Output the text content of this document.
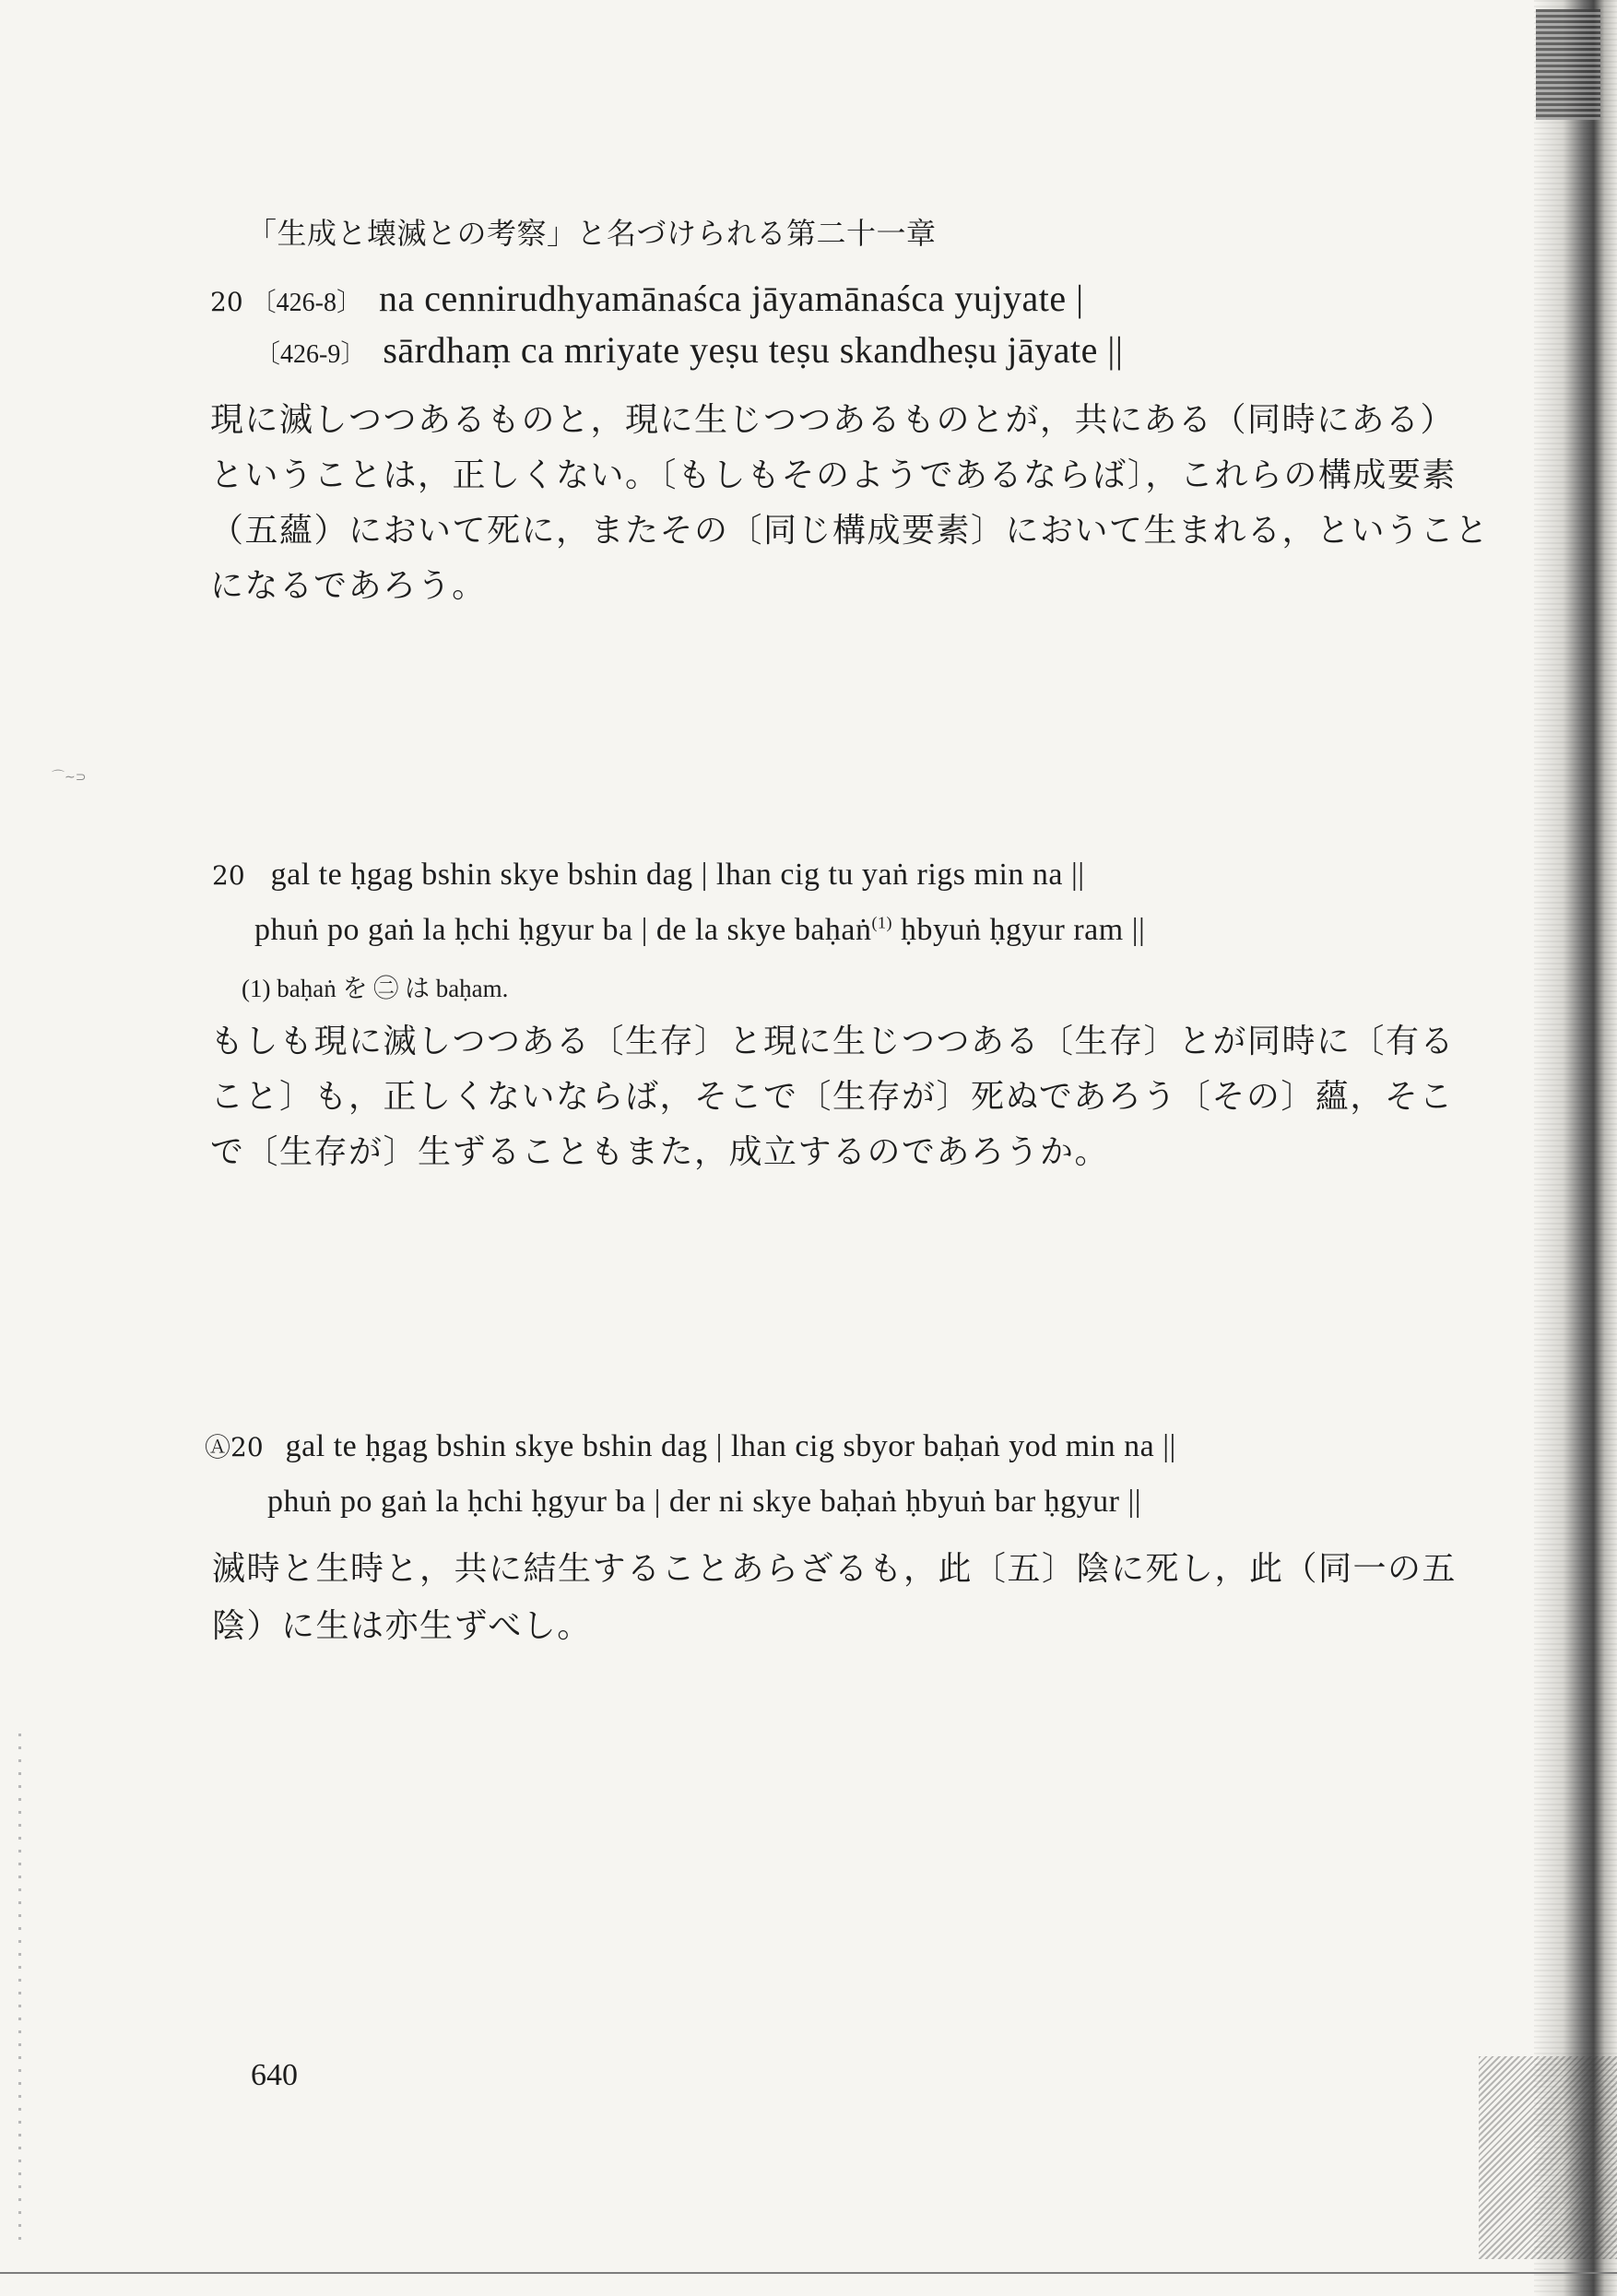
⌒∼⊃
「生成と壊滅との考察」と名づけられる第二十一章
20 〔426-8〕 na cennirudhyamānaśca jāyamānaśca yujyate |
〔426-9〕 sārdhaṃ ca mriyate yeṣu teṣu skandheṣu jāyate ||
現に滅しつつあるものと，現に生じつつあるものとが，共にある（同時にある）
ということは，正しくない。〔もしもそのようであるならば〕，これらの構成要素
（五蘊）において死に，またその〔同じ構成要素〕において生まれる，ということ
になるであろう。
20 gal te ḥgag bshin skye bshin dag | lhan cig tu yaṅ rigs min na ||
phuṅ po gaṅ la ḥchi ḥgyur ba | de la skye baḥaṅ$^{(1)}$ ḥbyuṅ ḥgyur ram ||
(1) baḥaṅ を ㊁ は baḥam.
もしも現に滅しつつある〔生存〕と現に生じつつある〔生存〕とが同時に〔有る
こと〕も，正しくないならば，そこで〔生存が〕死ぬであろう〔その〕蘊，そこ
で〔生存が〕生ずることもまた，成立するのであろうか。
Ⓐ20 gal te ḥgag bshin skye bshin dag | lhan cig sbyor baḥaṅ yod min na ||
phuṅ po gaṅ la ḥchi ḥgyur ba | der ni skye baḥaṅ ḥbyuṅ bar ḥgyur ||
滅時と生時と，共に結生することあらざるも，此〔五〕陰に死し，此（同一の五
陰）に生は亦生ずべし。
640
